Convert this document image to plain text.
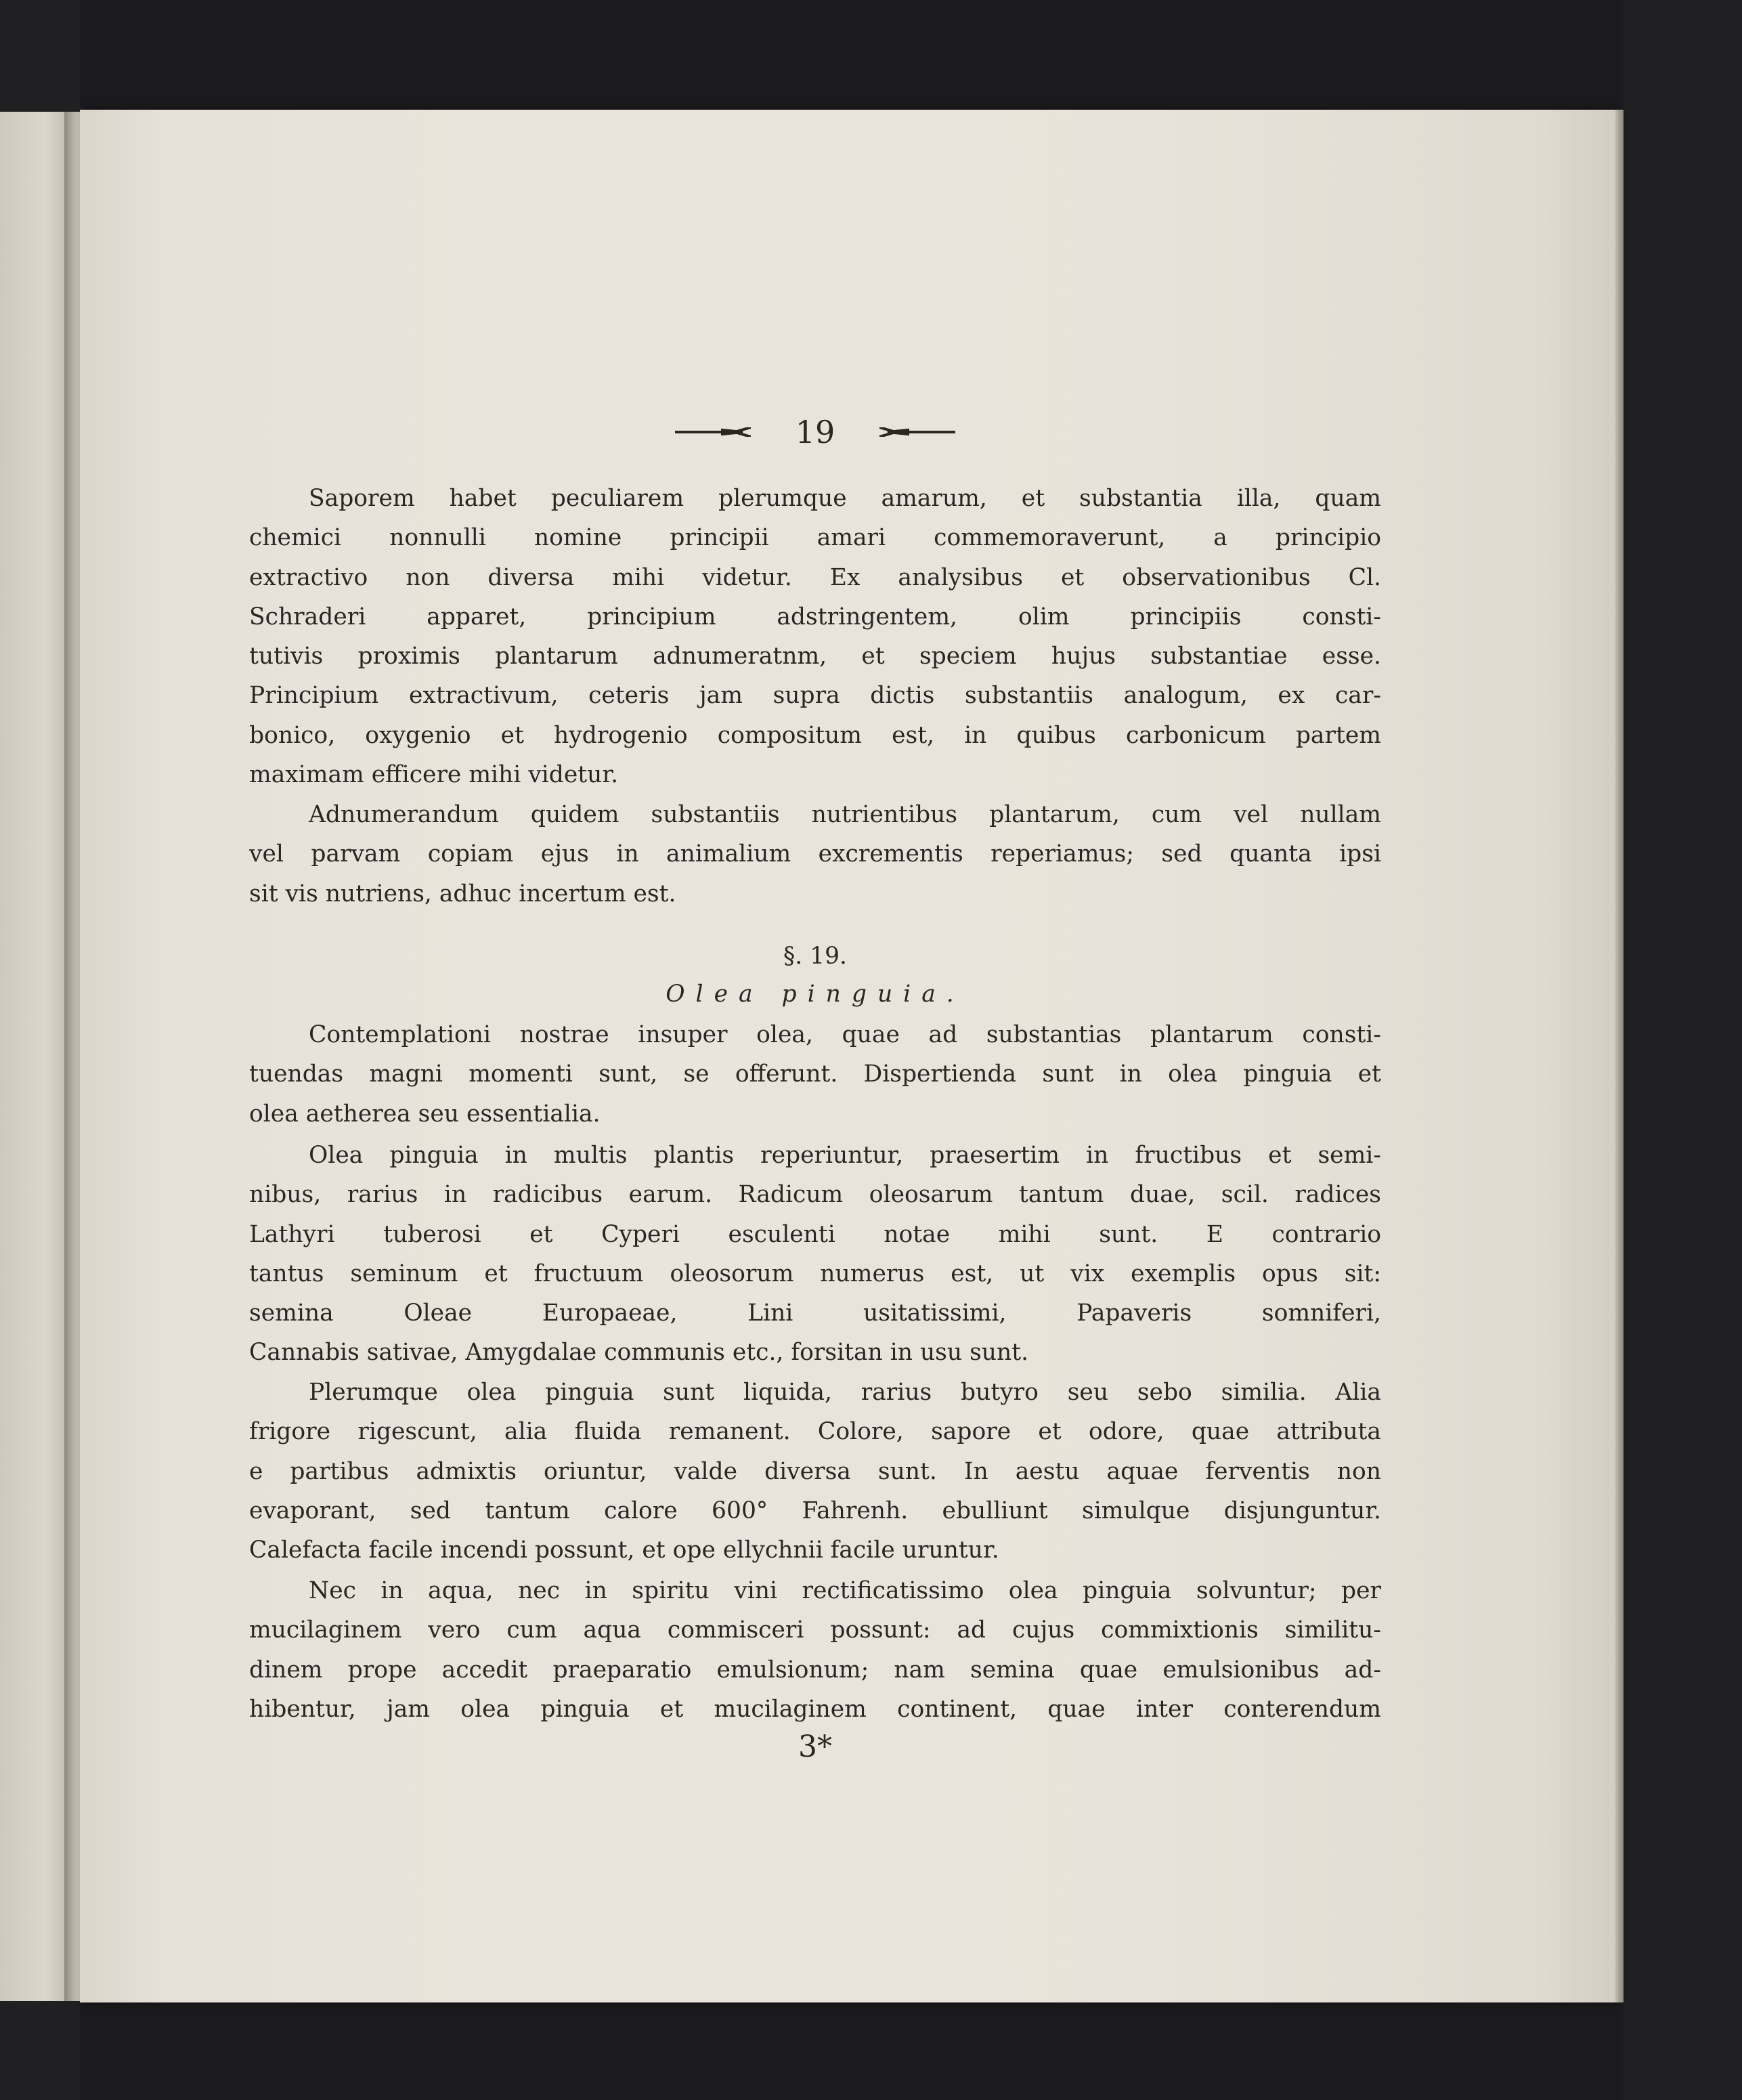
19
Saporem habet peculiarem plerumque amarum, et substantia illa, quam
chemici nonnulli nomine principii amari commemoraverunt, a principio
extractivo non diversa mihi videtur. Ex analysibus et observationibus Cl.
Schraderi apparet, principium adstringentem, olim principiis consti-
tutivis proximis plantarum adnumeratnm, et speciem hujus substantiae esse.
Principium extractivum, ceteris jam supra dictis substantiis analogum, ex car-
bonico, oxygenio et hydrogenio compositum est, in quibus carbonicum partem
maximam efficere mihi videtur.
Adnumerandum quidem substantiis nutrientibus plantarum, cum vel nullam
vel parvam copiam ejus in animalium excrementis reperiamus; sed quanta ipsi
sit vis nutriens, adhuc incertum est.
§. 19.
Olea pinguia.
Contemplationi nostrae insuper olea, quae ad substantias plantarum consti-
tuendas magni momenti sunt, se offerunt. Dispertienda sunt in olea pinguia et
olea aetherea seu essentialia.
Olea pinguia in multis plantis reperiuntur, praesertim in fructibus et semi-
nibus, rarius in radicibus earum. Radicum oleosarum tantum duae, scil. radices
Lathyri tuberosi et Cyperi esculenti notae mihi sunt. E contrario
tantus seminum et fructuum oleosorum numerus est, ut vix exemplis opus sit:
semina Oleae Europaeae, Lini usitatissimi, Papaveris somniferi,
Cannabis sativae, Amygdalae communis etc., forsitan in usu sunt.
Plerumque olea pinguia sunt liquida, rarius butyro seu sebo similia. Alia
frigore rigescunt, alia fluida remanent. Colore, sapore et odore, quae attributa
e partibus admixtis oriuntur, valde diversa sunt. In aestu aquae ferventis non
evaporant, sed tantum calore 600° Fahrenh. ebulliunt simulque disjunguntur.
Calefacta facile incendi possunt, et ope ellychnii facile uruntur.
Nec in aqua, nec in spiritu vini rectificatissimo olea pinguia solvuntur; per
mucilaginem vero cum aqua commisceri possunt: ad cujus commixtionis similitu-
dinem prope accedit praeparatio emulsionum; nam semina quae emulsionibus ad-
hibentur, jam olea pinguia et mucilaginem continent, quae inter conterendum
3*
